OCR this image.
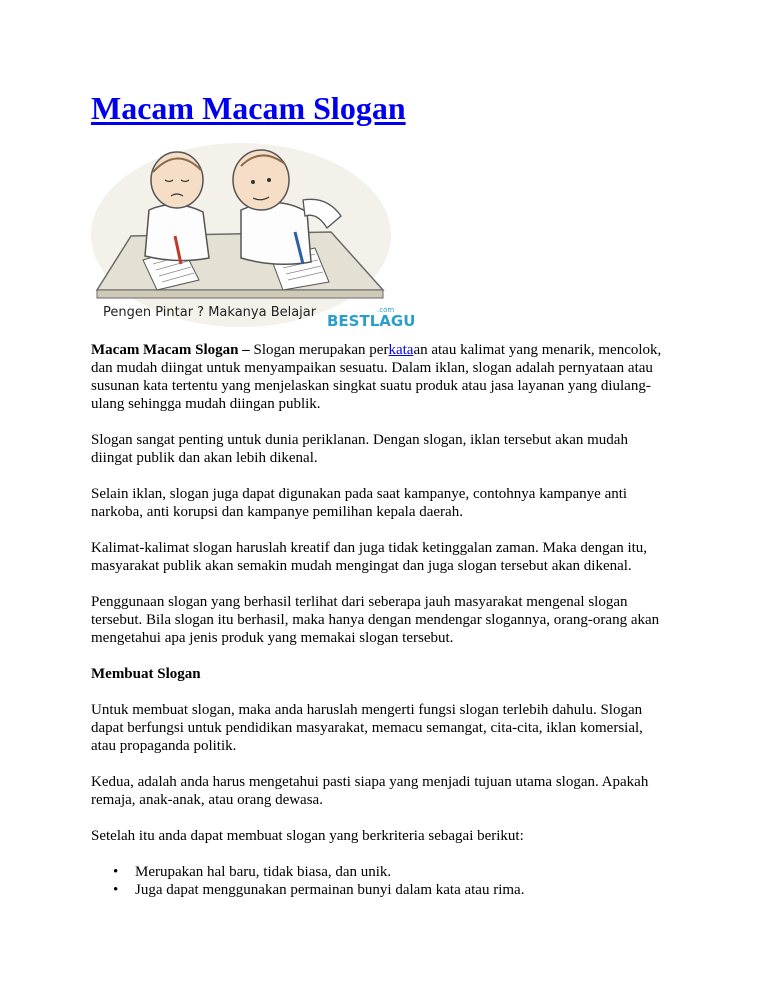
Macam Macam Slogan
Pengen Pintar ? Makanya Belajar BESTLAGU
.com

Macam Macam Slogan – Slogan merupakan perkataan atau kalimat yang menarik, mencolok, dan mudah diingat untuk menyampaikan sesuatu. Dalam iklan, slogan adalah pernyataan atau susunan kata tertentu yang menjelaskan singkat suatu produk atau jasa layanan yang diulang-ulang sehingga mudah diingan publik.

Slogan sangat penting untuk dunia periklanan. Dengan slogan, iklan tersebut akan mudah diingat publik dan akan lebih dikenal.

Selain iklan, slogan juga dapat digunakan pada saat kampanye, contohnya kampanye anti narkoba, anti korupsi dan kampanye pemilihan kepala daerah.

Kalimat-kalimat slogan haruslah kreatif dan juga tidak ketinggalan zaman. Maka dengan itu, masyarakat publik akan semakin mudah mengingat dan juga slogan tersebut akan dikenal.

Penggunaan slogan yang berhasil terlihat dari seberapa jauh masyarakat mengenal slogan tersebut. Bila slogan itu berhasil, maka hanya dengan mendengar slogannya, orang-orang akan mengetahui apa jenis produk yang memakai slogan tersebut.

Membuat Slogan

Untuk membuat slogan, maka anda haruslah mengerti fungsi slogan terlebih dahulu. Slogan dapat berfungsi untuk pendidikan masyarakat, memacu semangat, cita-cita, iklan komersial, atau propaganda politik.

Kedua, adalah anda harus mengetahui pasti siapa yang menjadi tujuan utama slogan. Apakah remaja, anak-anak, atau orang dewasa.

Setelah itu anda dapat membuat slogan yang berkriteria sebagai berikut:

• Merupakan hal baru, tidak biasa, dan unik.
• Juga dapat menggunakan permainan bunyi dalam kata atau rima.
